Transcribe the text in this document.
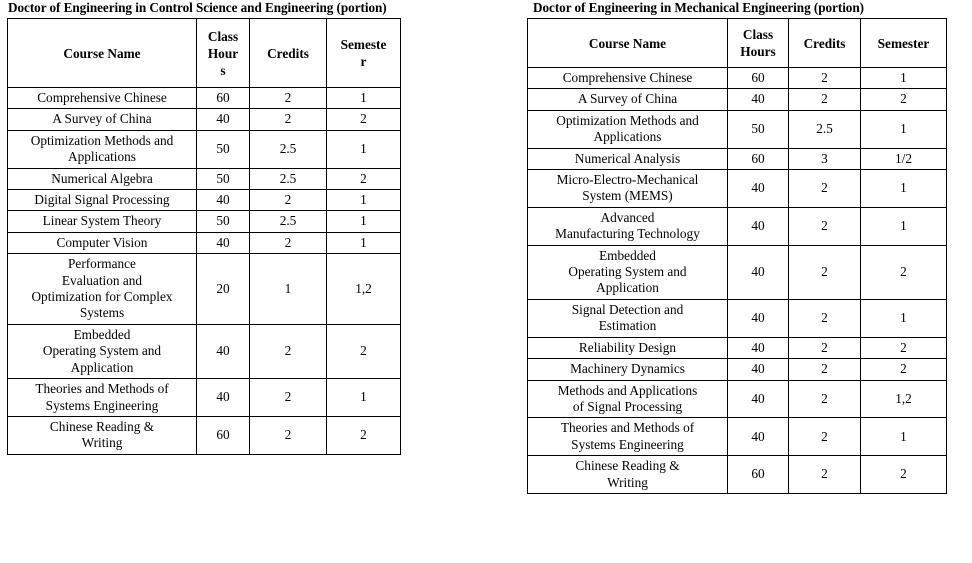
Doctor of Engineering in Control Science and Engineering (portion)
Course Name	Class
Hour
s	Credits	Semeste
r

Comprehensive Chinese	60	2	1

A Survey of China	40	2	2

Optimization Methods and
Applications	50	2.5	1

Numerical Algebra	50	2.5	2

Digital Signal Processing	40	2	1

Linear System Theory	50	2.5	1

Computer Vision	40	2	1

Performance
Evaluation and
Optimization for Complex
Systems	20	1	1,2

Embedded
Operating System and
Application	40	2	2

Theories and Methods of
Systems Engineering	40	2	1

Chinese Reading &
Writing	60	2	2
Doctor of Engineering in Mechanical Engineering (portion)
Course Name	Class
Hours	Credits	Semester

Comprehensive Chinese	60	2	1

A Survey of China	40	2	2

Optimization Methods and
Applications	50	2.5	1

Numerical Analysis	60	3	1/2

Micro-Electro-Mechanical
System (MEMS)	40	2	1

Advanced
Manufacturing Technology	40	2	1

Embedded
Operating System and
Application	40	2	2

Signal Detection and
Estimation	40	2	1

Reliability Design	40	2	2

Machinery Dynamics	40	2	2

Methods and Applications
of Signal Processing	40	2	1,2

Theories and Methods of
Systems Engineering	40	2	1

Chinese Reading &
Writing	60	2	2
